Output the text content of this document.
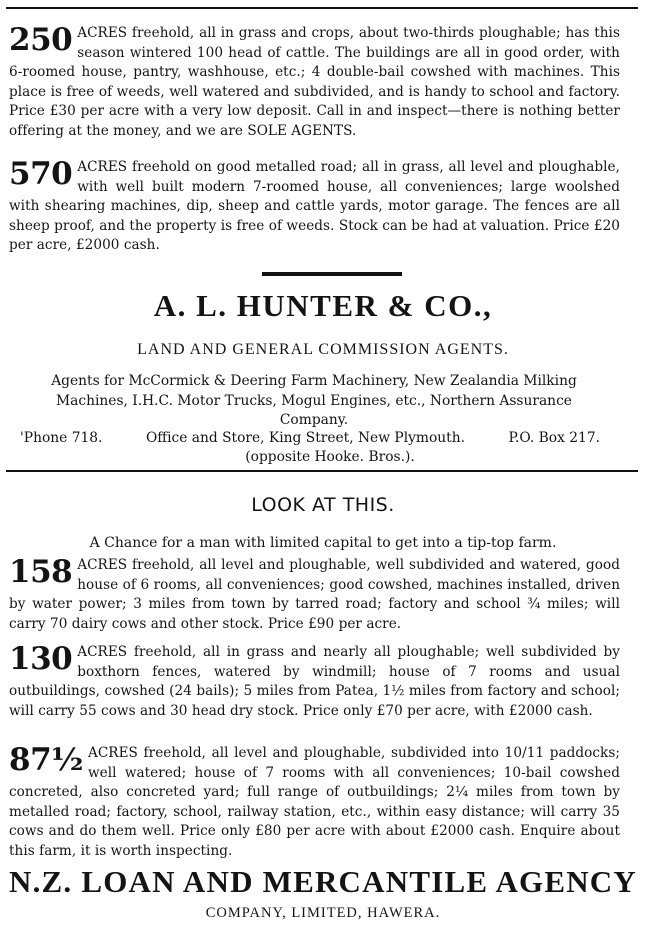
250 ACRES freehold, all in grass and crops, about two-thirds ploughable; has this season wintered 100 head of cattle. The buildings are all in good order, with 6-roomed house, pantry, washhouse, etc.; 4 double-bail cowshed with machines. This place is free of weeds, well watered and subdivided, and is handy to school and factory. Price £30 per acre with a very low deposit. Call in and inspect—there is nothing better offering at the money, and we are SOLE AGENTS.
570 ACRES freehold on good metalled road; all in grass, all level and ploughable, with well built modern 7-roomed house, all conveniences; large woolshed with shearing machines, dip, sheep and cattle yards, motor garage. The fences are all sheep proof, and the property is free of weeds. Stock can be had at valuation. Price £20 per acre, £2000 cash.
A. L. HUNTER & CO.,
LAND AND GENERAL COMMISSION AGENTS.
Agents for McCormick & Deering Farm Machinery, New Zealandia Milking Machines, I.H.C. Motor Trucks, Mogul Engines, etc., Northern Assurance Company.
'Phone 718.	Office and Store, King Street, New Plymouth.	P.O. Box 217.
(opposite Hooke. Bros.).
LOOK AT THIS.
A Chance for a man with limited capital to get into a tip-top farm.
158 ACRES freehold, all level and ploughable, well subdivided and watered, good house of 6 rooms, all conveniences; good cowshed, machines installed, driven by water power; 3 miles from town by tarred road; factory and school ¾ miles; will carry 70 dairy cows and other stock. Price £90 per acre.
130 ACRES freehold, all in grass and nearly all ploughable; well subdivided by boxthorn fences, watered by windmill; house of 7 rooms and usual outbuildings, cowshed (24 bails); 5 miles from Patea, 1½ miles from factory and school; will carry 55 cows and 30 head dry stock. Price only £70 per acre, with £2000 cash.
87½ ACRES freehold, all level and ploughable, subdivided into 10/11 paddocks; well watered; house of 7 rooms with all conveniences; 10-bail cowshed concreted, also concreted yard; full range of outbuildings; 2¼ miles from town by metalled road; factory, school, railway station, etc., within easy distance; will carry 35 cows and do them well. Price only £80 per acre with about £2000 cash. Enquire about this farm, it is worth inspecting.
N.Z. LOAN AND MERCANTILE AGENCY
COMPANY, LIMITED, HAWERA.
